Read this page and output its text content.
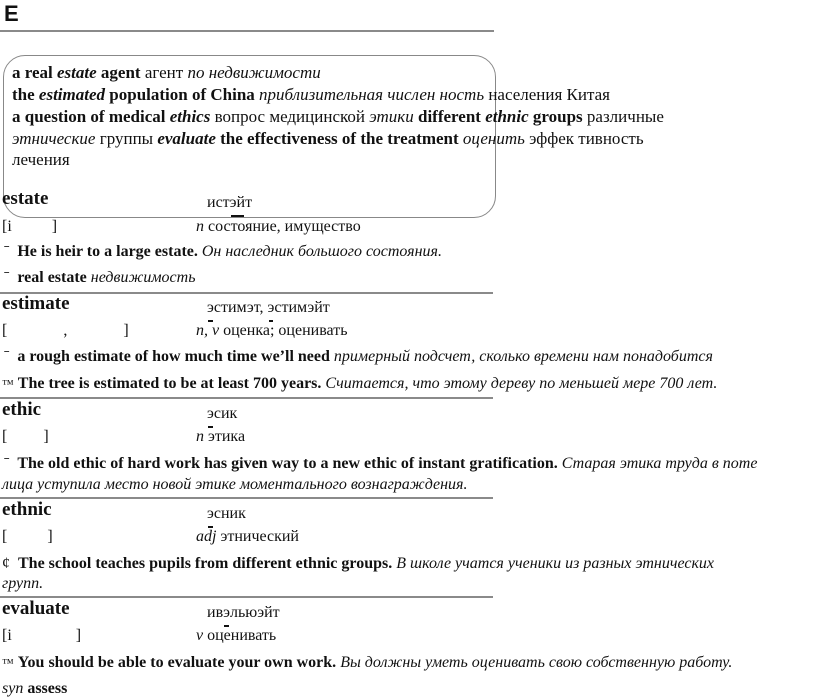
E
a real estate agent агент по недвижимости
the estimated population of China приблизительная числен ность населения Китая
a question of medical ethics вопрос медицинской этики different ethnic groups различные
этнические группы evaluate the effectiveness of the treatment оценить эффек тивность
лечения
estate	истэйт
[i          ]	n состояние, имущество
ˉ He is heir to a large estate. Он наследник большого состояния.
ˉ real estate недвижимость
estimate	эстимэт, эстимэйт
[              ,              ]	n, v оценка; оценивать
ˉ a rough estimate of how much time we’ll need примерный подсчет, сколько времени нам понадобится
™ The tree is estimated to be at least 700 years. Считается, что этому дереву по меньшей мере 700 лет.
ethic	эсик
[         ]	n этика
ˉ The old ethic of hard work has given way to a new ethic of instant gratification. Старая этика труда в поте
лица уступила место новой этике моментального вознаграждения.
ethnic	эсник
[          ]	adj этнический
¢ The school teaches pupils from different ethnic groups. В школе учатся ученики из разных этнических
групп.
evaluate	ивэльюэйт
[i                ]	v оценивать
™ You should be able to evaluate your own work. Вы должны уметь оценивать свою собственную работу.
syn assess
